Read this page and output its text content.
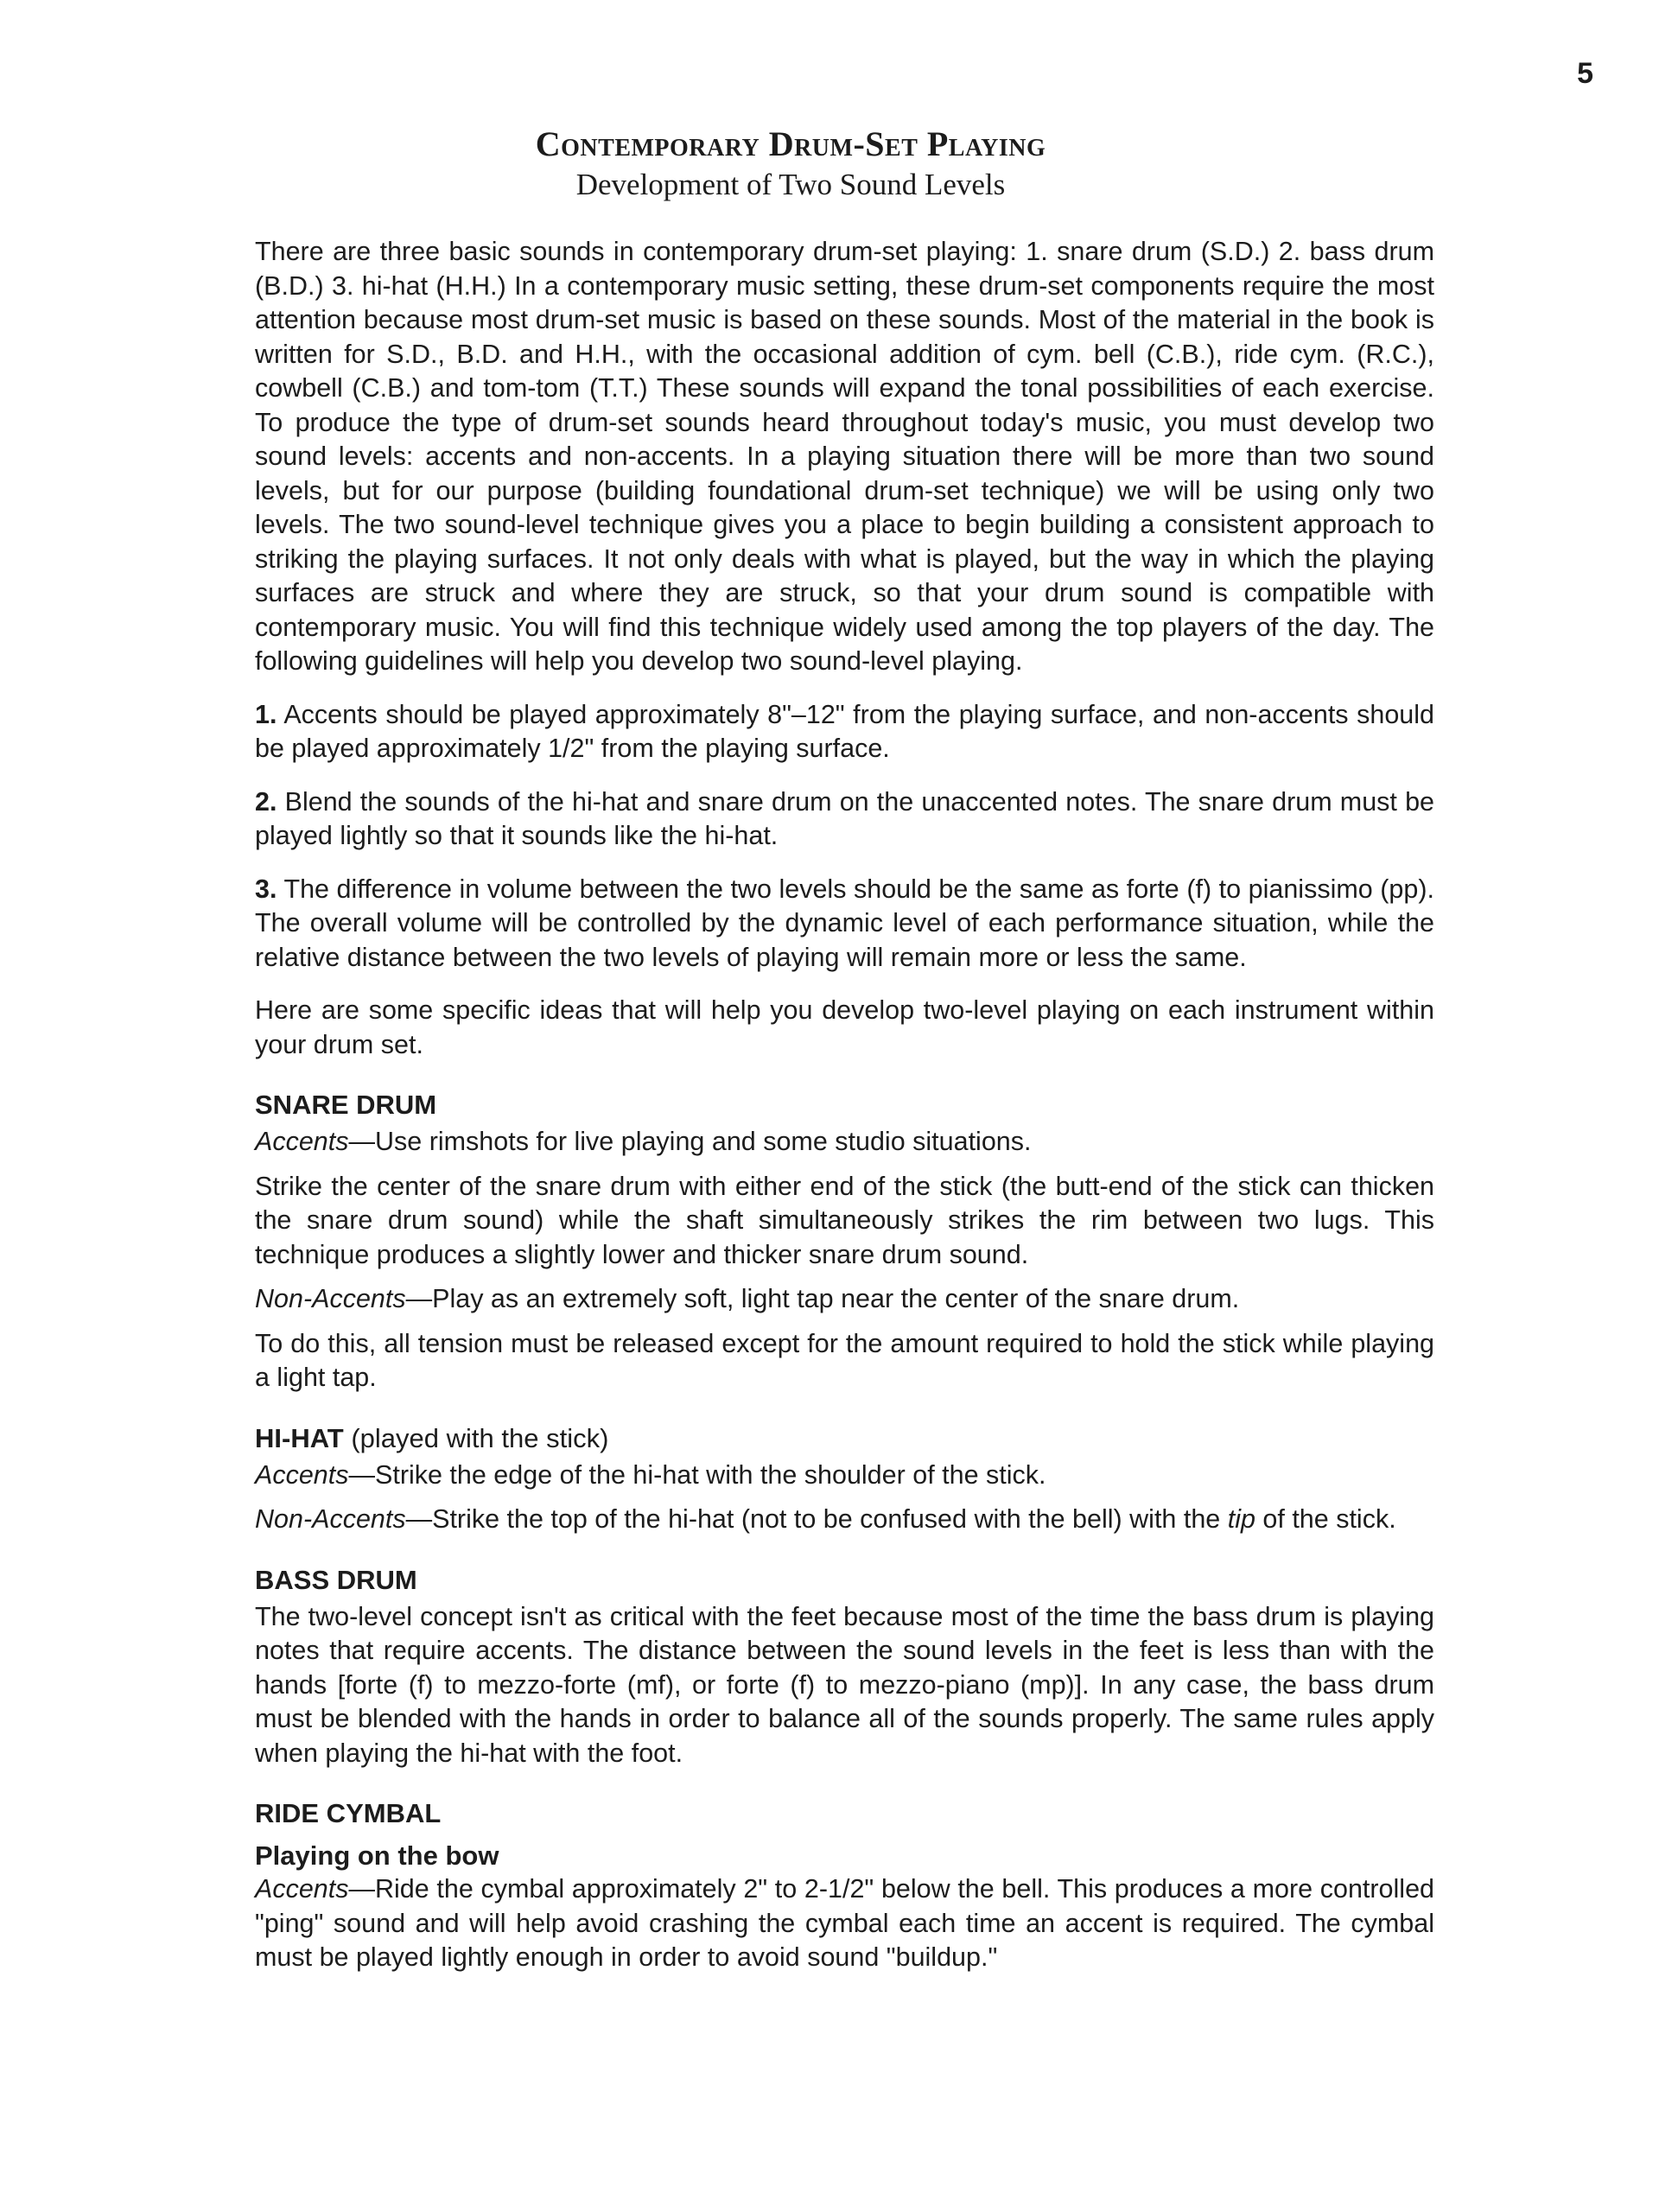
5
Contemporary Drum-Set Playing
Development of Two Sound Levels

There are three basic sounds in contemporary drum-set playing: 1. snare drum (S.D.) 2. bass drum (B.D.) 3. hi-hat (H.H.) In a contemporary music setting, these drum-set components require the most attention because most drum-set music is based on these sounds. Most of the material in the book is written for S.D., B.D. and H.H., with the occasional addition of cym. bell (C.B.), ride cym. (R.C.), cowbell (C.B.) and tom-tom (T.T.) These sounds will expand the tonal possibilities of each exercise. To produce the type of drum-set sounds heard throughout today's music, you must develop two sound levels: accents and non-accents. In a playing situation there will be more than two sound levels, but for our purpose (building foundational drum-set technique) we will be using only two levels. The two sound-level technique gives you a place to begin building a consistent approach to striking the playing surfaces. It not only deals with what is played, but the way in which the playing surfaces are struck and where they are struck, so that your drum sound is compatible with contemporary music. You will find this technique widely used among the top players of the day. The following guidelines will help you develop two sound-level playing.

1. Accents should be played approximately 8"–12" from the playing surface, and non-accents should be played approximately 1/2" from the playing surface.

2. Blend the sounds of the hi-hat and snare drum on the unaccented notes. The snare drum must be played lightly so that it sounds like the hi-hat.

3. The difference in volume between the two levels should be the same as forte (f) to pianissimo (pp). The overall volume will be controlled by the dynamic level of each performance situation, while the relative distance between the two levels of playing will remain more or less the same.

Here are some specific ideas that will help you develop two-level playing on each instrument within your drum set.

SNARE DRUM

Accents—Use rimshots for live playing and some studio situations.

Strike the center of the snare drum with either end of the stick (the butt-end of the stick can thicken the snare drum sound) while the shaft simultaneously strikes the rim between two lugs. This technique produces a slightly lower and thicker snare drum sound.

Non-Accents—Play as an extremely soft, light tap near the center of the snare drum.

To do this, all tension must be released except for the amount required to hold the stick while playing a light tap.

HI-HAT (played with the stick)

Accents—Strike the edge of the hi-hat with the shoulder of the stick.

Non-Accents—Strike the top of the hi-hat (not to be confused with the bell) with the tip of the stick.

BASS DRUM

The two-level concept isn't as critical with the feet because most of the time the bass drum is playing notes that require accents. The distance between the sound levels in the feet is less than with the hands [forte (f) to mezzo-forte (mf), or forte (f) to mezzo-piano (mp)]. In any case, the bass drum must be blended with the hands in order to balance all of the sounds properly. The same rules apply when playing the hi-hat with the foot.

RIDE CYMBAL
Playing on the bow

Accents—Ride the cymbal approximately 2" to 2-1/2" below the bell. This produces a more controlled "ping" sound and will help avoid crashing the cymbal each time an accent is required. The cymbal must be played lightly enough in order to avoid sound "buildup."
